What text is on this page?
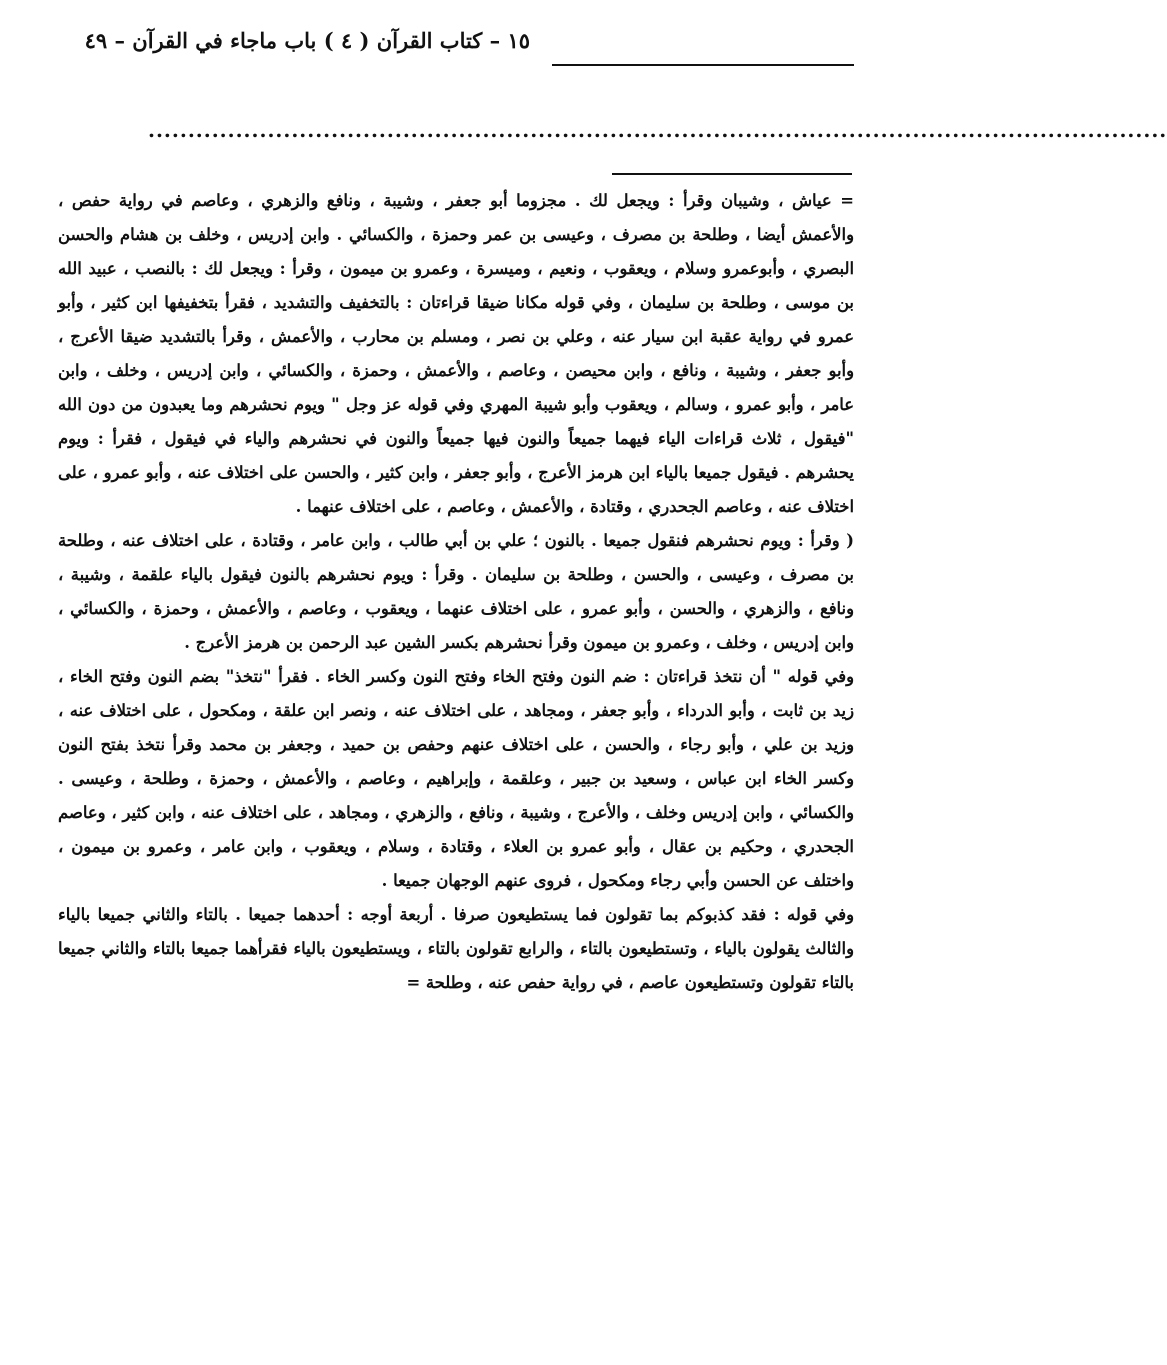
١٥ – كتاب القرآن ( ٤ ) باب ماجاء في القرآن – ٤٩
................................................................................................................................

= عياش ، وشيبان وقرأ : ويجعل لك . مجزوما أبو جعفر ، وشيبة ، ونافع والزهري ، وعاصم في رواية حفص ، والأعمش أيضا ، وطلحة بن مصرف ، وعيسى بن عمر وحمزة ، والكسائي . وابن إدريس ، وخلف بن هشام والحسن البصري ، وأبوعمرو وسلام ، ويعقوب ، ونعيم ، وميسرة ، وعمرو بن ميمون ، وقرأ : ويجعل لك : بالنصب ، عبيد الله بن موسى ، وطلحة بن سليمان ، وفي قوله مكانا ضيقا قراءتان : بالتخفيف والتشديد ، فقرأ بتخفيفها ابن كثير ، وأبو عمرو في رواية عقبة ابن سيار عنه ، وعلي بن نصر ، ومسلم بن محارب ، والأعمش ، وقرأ بالتشديد ضيقا الأعرج ، وأبو جعفر ، وشيبة ، ونافع ، وابن محيصن ، وعاصم ، والأعمش ، وحمزة ، والكسائي ، وابن إدريس ، وخلف ، وابن عامر ، وأبو عمرو ، وسالم ، ويعقوب وأبو شيبة المهري وفي قوله عز وجل " ويوم نحشرهم وما يعبدون من دون الله "فيقول ، ثلاث قراءات الياء فيهما جميعاً والنون فيها جميعاً والنون في نحشرهم والياء في فيقول ، فقرأ : ويوم يحشرهم . فيقول جميعا بالياء ابن هرمز الأعرج ، وأبو جعفر ، وابن كثير ، والحسن على اختلاف عنه ، وأبو عمرو ، على اختلاف عنه ، وعاصم الجحدري ، وقتادة ، والأعمش ، وعاصم ، على اختلاف عنهما .

( وقرأ : ويوم نحشرهم فنقول جميعا . بالنون ؛ علي بن أبي طالب ، وابن عامر ، وقتادة ، على اختلاف عنه ، وطلحة بن مصرف ، وعيسى ، والحسن ، وطلحة بن سليمان . وقرأ : ويوم نحشرهم بالنون فيقول بالياء علقمة ، وشيبة ، ونافع ، والزهري ، والحسن ، وأبو عمرو ، على اختلاف عنهما ، ويعقوب ، وعاصم ، والأعمش ، وحمزة ، والكسائي ، وابن إدريس ، وخلف ، وعمرو بن ميمون وقرأ نحشرهم بكسر الشين عبد الرحمن بن هرمز الأعرج .

وفي قوله " أن نتخذ قراءتان : ضم النون وفتح الخاء وفتح النون وكسر الخاء . فقرأ "نتخذ" بضم النون وفتح الخاء ، زيد بن ثابت ، وأبو الدرداء ، وأبو جعفر ، ومجاهد ، على اختلاف عنه ، ونصر ابن علقة ، ومكحول ، على اختلاف عنه ، وزيد بن علي ، وأبو رجاء ، والحسن ، على اختلاف عنهم وحفص بن حميد ، وجعفر بن محمد وقرأ نتخذ بفتح النون وكسر الخاء ابن عباس ، وسعيد بن جبير ، وعلقمة ، وإبراهيم ، وعاصم ، والأعمش ، وحمزة ، وطلحة ، وعيسى . والكسائي ، وابن إدريس وخلف ، والأعرج ، وشيبة ، ونافع ، والزهري ، ومجاهد ، على اختلاف عنه ، وابن كثير ، وعاصم الجحدري ، وحكيم بن عقال ، وأبو عمرو بن العلاء ، وقتادة ، وسلام ، ويعقوب ، وابن عامر ، وعمرو بن ميمون ، واختلف عن الحسن وأبي رجاء ومكحول ، فروى عنهم الوجهان جميعا .

وفي قوله : فقد كذبوكم بما تقولون فما يستطيعون صرفا . أربعة أوجه : أحدهما جميعا . بالتاء والثاني جميعا بالياء والثالث يقولون بالياء ، وتستطيعون بالتاء ، والرابع تقولون بالتاء ، ويستطيعون بالياء فقرأهما جميعا بالتاء والثاني جميعا بالتاء تقولون وتستطيعون عاصم ، في رواية حفص عنه ، وطلحة =
